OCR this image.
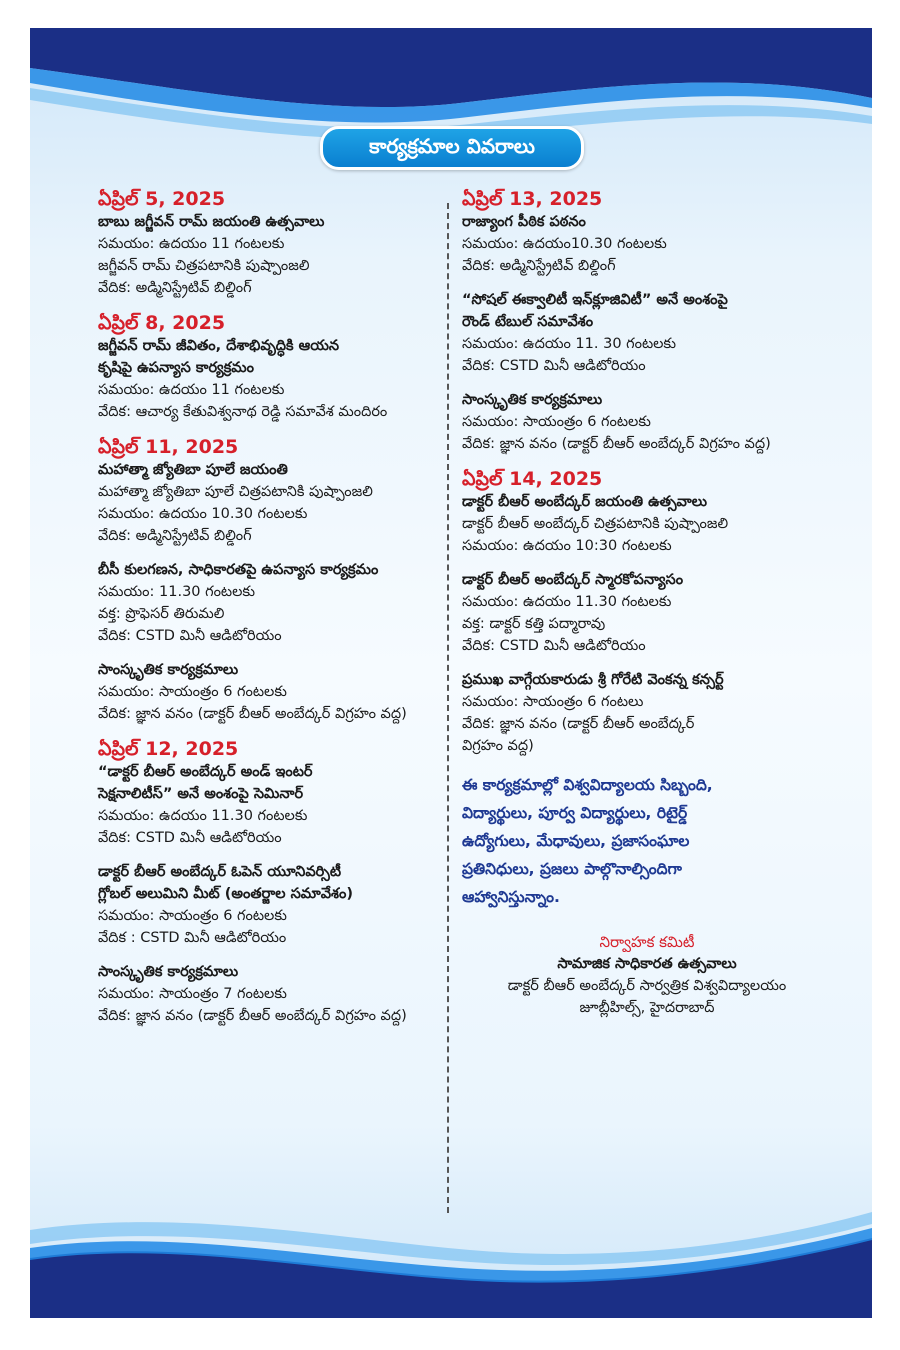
కార్యక్రమాల వివరాలు
ఏప్రిల్ 5, 2025
బాబు జగ్జీవన్ రామ్ జయంతి ఉత్సవాలు
సమయం: ఉదయం 11 గంటలకు
జగ్జీవన్ రామ్ చిత్రపటానికి పుష్పాంజలి
వేదిక: అడ్మినిస్ట్రేటివ్ బిల్డింగ్
ఏప్రిల్ 8, 2025
జగ్జీవన్ రామ్ జీవితం, దేశాభివృద్ధికి ఆయన
కృషిపై ఉపన్యాస కార్యక్రమం
సమయం: ఉదయం 11 గంటలకు
వేదిక: ఆచార్య కేతువిశ్వనాథ రెడ్డి సమావేశ మందిరం
ఏప్రిల్ 11, 2025
మహాత్మా జ్యోతిబా పూలే జయంతి
మహాత్మా జ్యోతిబా పూలే చిత్రపటానికి పుష్పాంజలి
సమయం: ఉదయం 10.30 గంటలకు
వేదిక: అడ్మినిస్ట్రేటివ్ బిల్డింగ్
బీసీ కులగణన, సాధికారతపై ఉపన్యాస కార్యక్రమం
సమయం: 11.30 గంటలకు
వక్త: ప్రొఫెసర్ తిరుమలి
వేదిక: CSTD మినీ ఆడిటోరియం
సాంస్కృతిక కార్యక్రమాలు
సమయం: సాయంత్రం 6 గంటలకు
వేదిక: జ్ఞాన వనం (డాక్టర్ బీఆర్ అంబేద్కర్ విగ్రహం వద్ద)
ఏప్రిల్ 12, 2025
“డాక్టర్ బీఆర్ అంబేద్కర్ అండ్ ఇంటర్
సెక్షనాలిటీస్” అనే అంశంపై సెమినార్
సమయం: ఉదయం 11.30 గంటలకు
వేదిక: CSTD మినీ ఆడిటోరియం
డాక్టర్ బీఆర్ అంబేద్కర్ ఓపెన్ యూనివర్సిటీ
గ్లోబల్ అలుమిని మీట్ (అంతర్జాల సమావేశం)
సమయం: సాయంత్రం 6 గంటలకు
వేదిక : CSTD మినీ ఆడిటోరియం
సాంస్కృతిక కార్యక్రమాలు
సమయం: సాయంత్రం 7 గంటలకు
వేదిక: జ్ఞాన వనం (డాక్టర్ బీఆర్ అంబేద్కర్ విగ్రహం వద్ద)
ఏప్రిల్ 13, 2025
రాజ్యాంగ పీఠిక పఠనం
సమయం: ఉదయం10.30 గంటలకు
వేదిక: అడ్మినిస్ట్రేటివ్ బిల్డింగ్
“సోషల్ ఈక్వాలిటీ ఇన్‌క్లూజివిటీ” అనే అంశంపై
రౌండ్ టేబుల్ సమావేశం
సమయం: ఉదయం 11. 30 గంటలకు
వేదిక: CSTD మినీ ఆడిటోరియం
సాంస్కృతిక కార్యక్రమాలు
సమయం: సాయంత్రం 6 గంటలకు
వేదిక: జ్ఞాన వనం (డాక్టర్ బీఆర్ అంబేద్కర్ విగ్రహం వద్ద)
ఏప్రిల్ 14, 2025
డాక్టర్ బీఆర్ అంబేద్కర్ జయంతి ఉత్సవాలు
డాక్టర్ బీఆర్ అంబేద్కర్ చిత్రపటానికి పుష్పాంజలి
సమయం: ఉదయం 10:30 గంటలకు
డాక్టర్ బీఆర్ అంబేద్కర్ స్మారకోపన్యాసం
సమయం: ఉదయం 11.30 గంటలకు
వక్త: డాక్టర్ కత్తి పద్మారావు
వేదిక: CSTD మినీ ఆడిటోరియం
ప్రముఖ వాగ్గేయకారుడు శ్రీ గోరేటి వెంకన్న కన్సర్ట్
సమయం: సాయంత్రం 6 గంటలు
వేదిక: జ్ఞాన వనం (డాక్టర్ బీఆర్ అంబేద్కర్
విగ్రహం వద్ద)
ఈ కార్యక్రమాల్లో విశ్వవిద్యాలయ సిబ్బంది,
విద్యార్థులు, పూర్వ విద్యార్థులు, రిటైర్డ్
ఉద్యోగులు, మేధావులు, ప్రజాసంఘాల
ప్రతినిధులు, ప్రజలు పాల్గొనాల్సిందిగా
ఆహ్వానిస్తున్నాం.
నిర్వాహక కమిటీ
సామాజిక సాధికారత ఉత్సవాలు
డాక్టర్ బీఆర్ అంబేద్కర్ సార్వత్రిక విశ్వవిద్యాలయం
జూబ్లీహిల్స్, హైదరాబాద్
